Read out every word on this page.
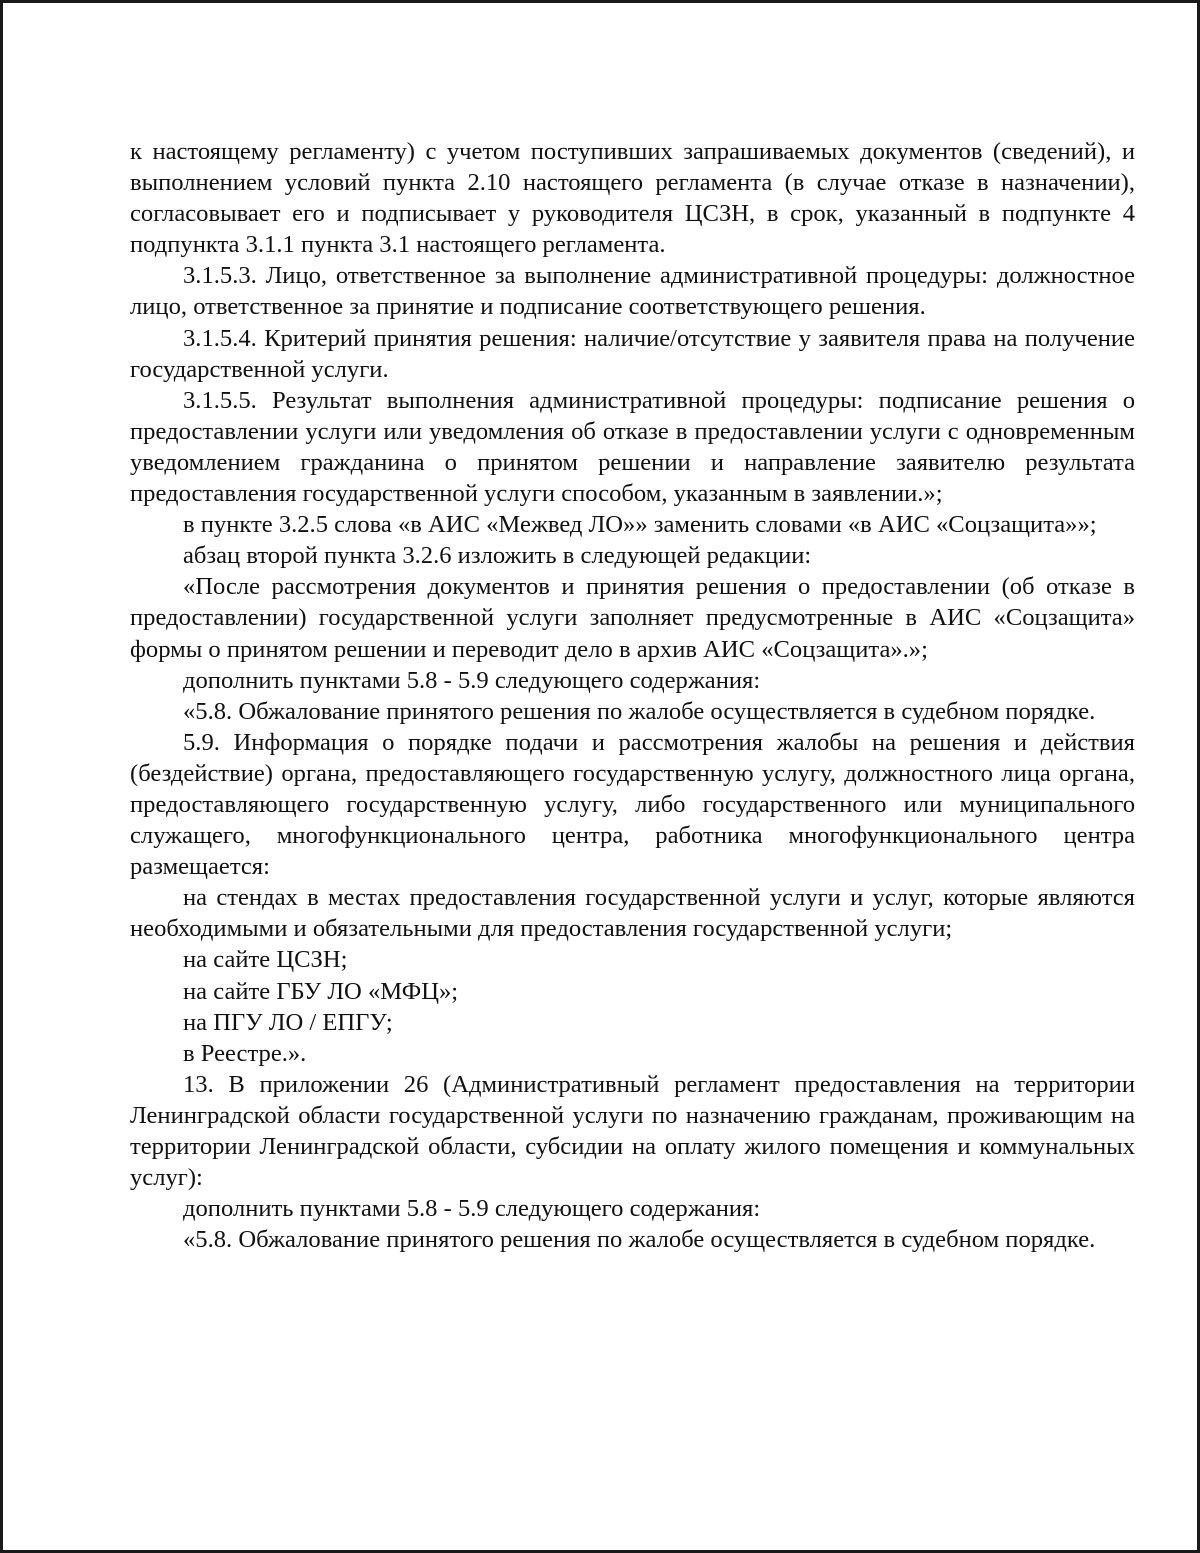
к настоящему регламенту) с учетом поступивших запрашиваемых документов (сведений), и выполнением условий пункта 2.10 настоящего регламента (в случае отказе в назначении), согласовывает его и подписывает у руководителя ЦСЗН, в срок, указанный в подпункте 4 подпункта 3.1.1 пункта 3.1 настоящего регламента.

3.1.5.3. Лицо, ответственное за выполнение административной процедуры: должностное лицо, ответственное за принятие и подписание соответствующего решения.

3.1.5.4. Критерий принятия решения: наличие/отсутствие у заявителя права на получение государственной услуги.

3.1.5.5. Результат выполнения административной процедуры: подписание решения о предоставлении услуги или уведомления об отказе в предоставлении услуги с одновременным уведомлением гражданина о принятом решении и направление заявителю результата предоставления государственной услуги способом, указанным в заявлении.»;

в пункте 3.2.5 слова «в АИС «Межвед ЛО»» заменить словами «в АИС «Соцзащита»»;

абзац второй пункта 3.2.6 изложить в следующей редакции:

«После рассмотрения документов и принятия решения о предоставлении (об отказе в предоставлении) государственной услуги заполняет предусмотренные в АИС «Соцзащита» формы о принятом решении и переводит дело в архив АИС «Соцзащита».»;

дополнить пунктами 5.8 - 5.9 следующего содержания:

«5.8. Обжалование принятого решения по жалобе осуществляется в судебном порядке.

5.9. Информация о порядке подачи и рассмотрения жалобы на решения и действия (бездействие) органа, предоставляющего государственную услугу, должностного лица органа, предоставляющего государственную услугу, либо государственного или муниципального служащего, многофункционального центра, работника многофункционального центра размещается:

на стендах в местах предоставления государственной услуги и услуг, которые являются необходимыми и обязательными для предоставления государственной услуги;

на сайте ЦСЗН;

на сайте ГБУ ЛО «МФЦ»;

на ПГУ ЛО / ЕПГУ;

в Реестре.».

13. В приложении 26 (Административный регламент предоставления на территории Ленинградской области государственной услуги по назначению гражданам, проживающим на территории Ленинградской области, субсидии на оплату жилого помещения и коммунальных услуг):

дополнить пунктами 5.8 - 5.9 следующего содержания:

«5.8. Обжалование принятого решения по жалобе осуществляется в судебном порядке.
